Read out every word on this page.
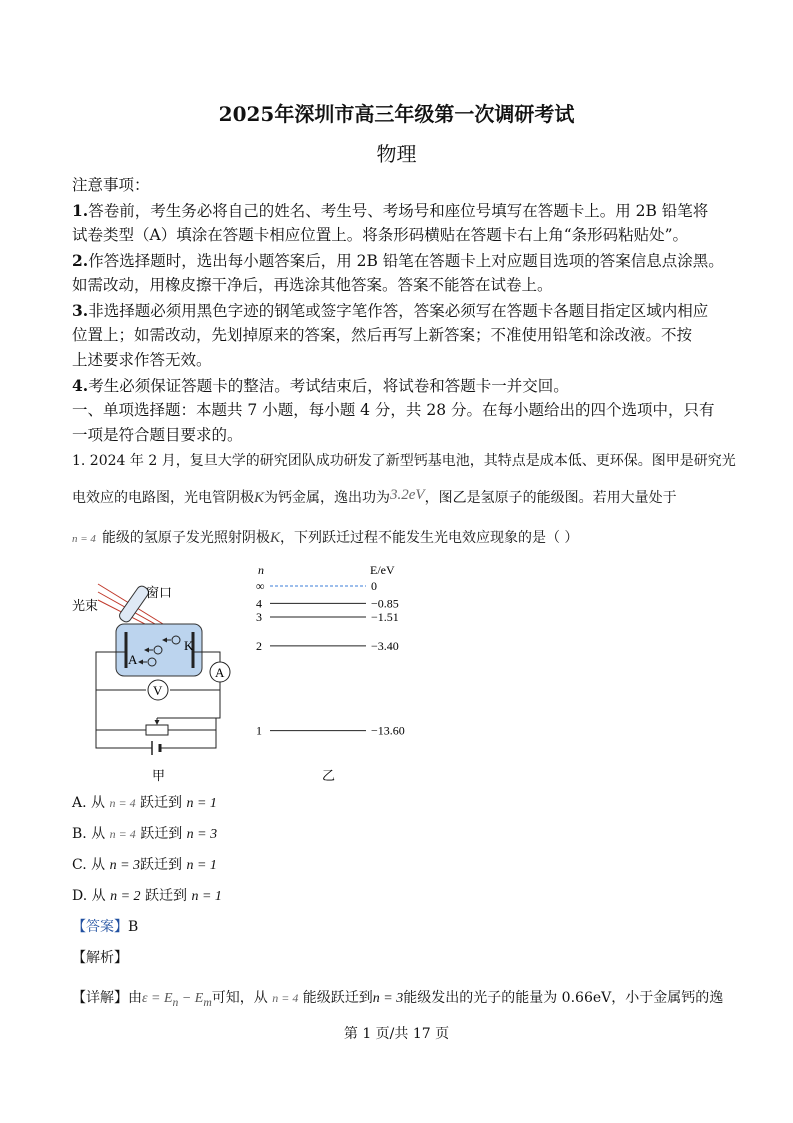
2025年深圳市高三年级第一次调研考试
物理
注意事项：
1.答卷前，考生务必将自己的姓名、考生号、考场号和座位号填写在答题卡上。用 2B 铅笔将
试卷类型（A）填涂在答题卡相应位置上。将条形码横贴在答题卡右上角“条形码粘贴处”。
2.作答选择题时，选出每小题答案后，用 2B 铅笔在答题卡上对应题目选项的答案信息点涂黑。
如需改动，用橡皮擦干净后，再选涂其他答案。答案不能答在试卷上。
3.非选择题必须用黑色字迹的钢笔或签字笔作答，答案必须写在答题卡各题目指定区域内相应
位置上；如需改动，先划掉原来的答案，然后再写上新答案；不准使用铅笔和涂改液。不按
上述要求作答无效。
4.考生必须保证答题卡的整洁。考试结束后，将试卷和答题卡一并交回。
一、单项选择题：本题共 7 小题，每小题 4 分，共 28 分。在每小题给出的四个选项中，只有
一项是符合题目要求的。
1. 2024 年 2 月，复旦大学的研究团队成功研发了新型钙基电池，其特点是成本低、更环保。图甲是研究光
电效应的电路图，光电管阴极K为钙金属，逸出功为3.2eV，图乙是氢原子的能级图。若用大量处于
n = 4 能级的氢原子发光照射阴极K，下列跃迁过程不能发生光电效应现象的是（ ）
A
K
A
V
光束
窗口
甲
n	E/eV
∞	0
4	−0.85
3	−1.51
2	−3.40
1	−13.60
乙
A. 从 n = 4 跃迁到 n = 1
B. 从 n = 4 跃迁到 n = 3
C. 从 n = 3跃迁到 n = 1
D. 从 n = 2 跃迁到 n = 1
【答案】B
【解析】
【详解】由$\varepsilon = E_n - E_m$可知，从 n = 4 能级跃迁到n = 3能级发出的光子的能量为 0.66eV，小于金属钙的逸
第 1 页/共 17 页
